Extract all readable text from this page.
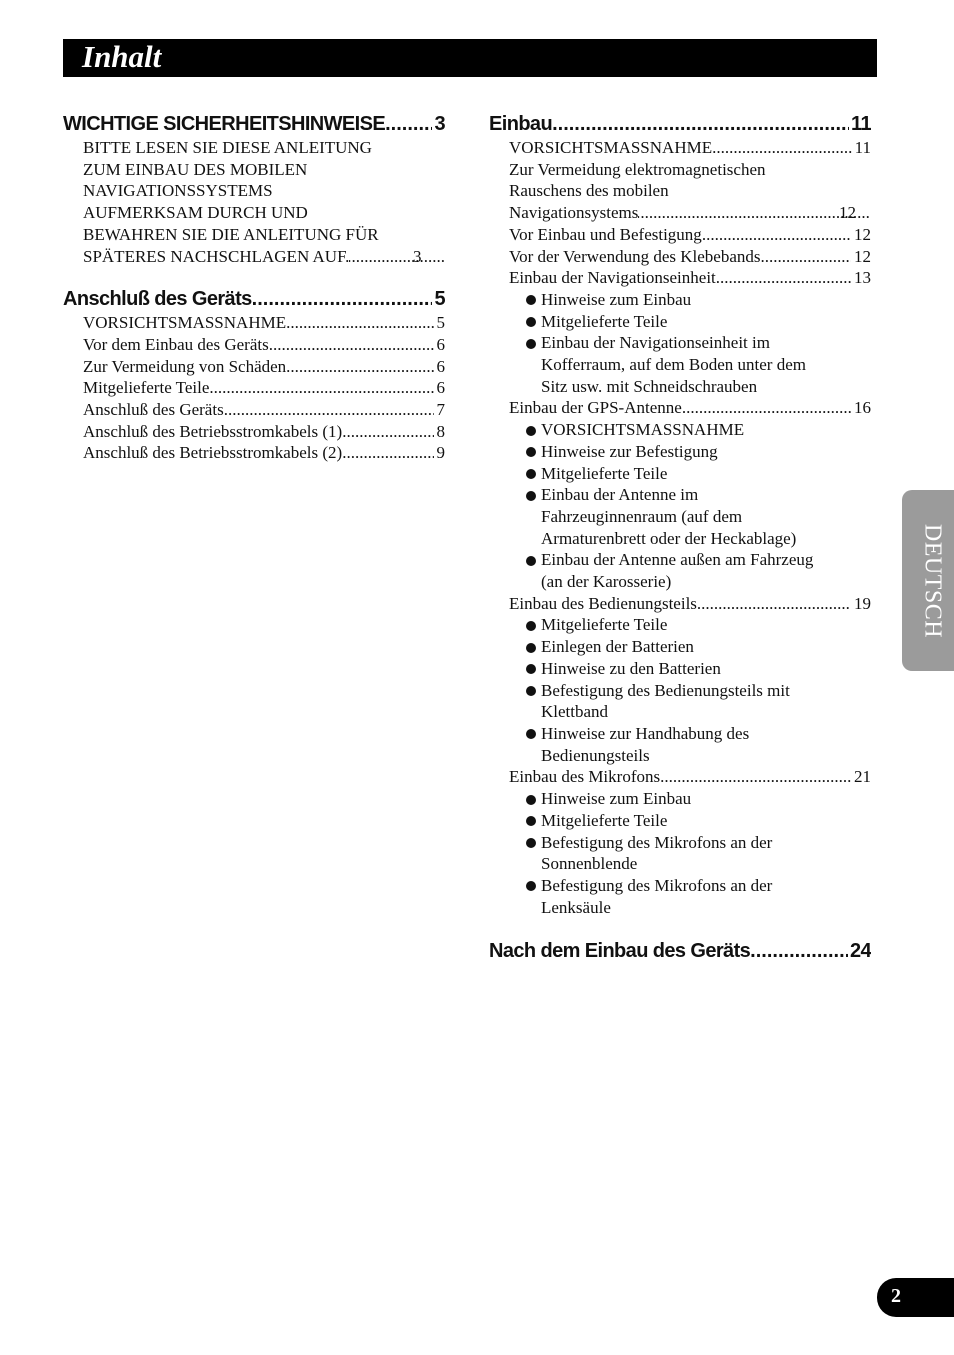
Inhalt
WICHTIGE SICHERHEITSHINWEISE ..... 3
BITTE LESEN SIE DIESE ANLEITUNG
ZUM EINBAU DES MOBILEN
NAVIGATIONSSYSTEMS
AUFMERKSAM DURCH UND
BEWAHREN SIE DIE ANLEITUNG FÜR
SPÄTERES NACHSCHLAGEN AUF. .....	3
Anschluß des Geräts .....	5
VORSICHTSMASSNAHME .....	5
Vor dem Einbau des Geräts .....	6
Zur Vermeidung von Schäden .....	6
Mitgelieferte Teile .....	6
Anschluß des Geräts .....	7
Anschluß des Betriebsstromkabels (1) .....	8
Anschluß des Betriebsstromkabels (2) .....	9
Einbau .....	11
VORSICHTSMASSNAHME .....	11
Zur Vermeidung elektromagnetischen
Rauschens des mobilen
Navigationsystems .....	12
Vor Einbau und Befestigung .....	12
Vor der Verwendung des Klebebands .....	12
Einbau der Navigationseinheit .....	13
Hinweise zum Einbau
Mitgelieferte Teile
Einbau der Navigationseinheit im
Kofferraum, auf dem Boden unter dem
Sitz usw. mit Schneidschrauben
Einbau der GPS-Antenne .....	16
VORSICHTSMASSNAHME
Hinweise zur Befestigung
Mitgelieferte Teile
Einbau der Antenne im
Fahrzeuginnenraum (auf dem
Armaturenbrett oder der Heckablage)
Einbau der Antenne außen am Fahrzeug
(an der Karosserie)
Einbau des Bedienungsteils .....	19
Mitgelieferte Teile
Einlegen der Batterien
Hinweise zu den Batterien
Befestigung des Bedienungsteils mit
Klettband
Hinweise zur Handhabung des
Bedienungsteils
Einbau des Mikrofons .....	21
Hinweise zum Einbau
Mitgelieferte Teile
Befestigung des Mikrofons an der
Sonnenblende
Befestigung des Mikrofons an der
Lenksäule
Nach dem Einbau des Geräts .....	24
DEUTSCH
2
